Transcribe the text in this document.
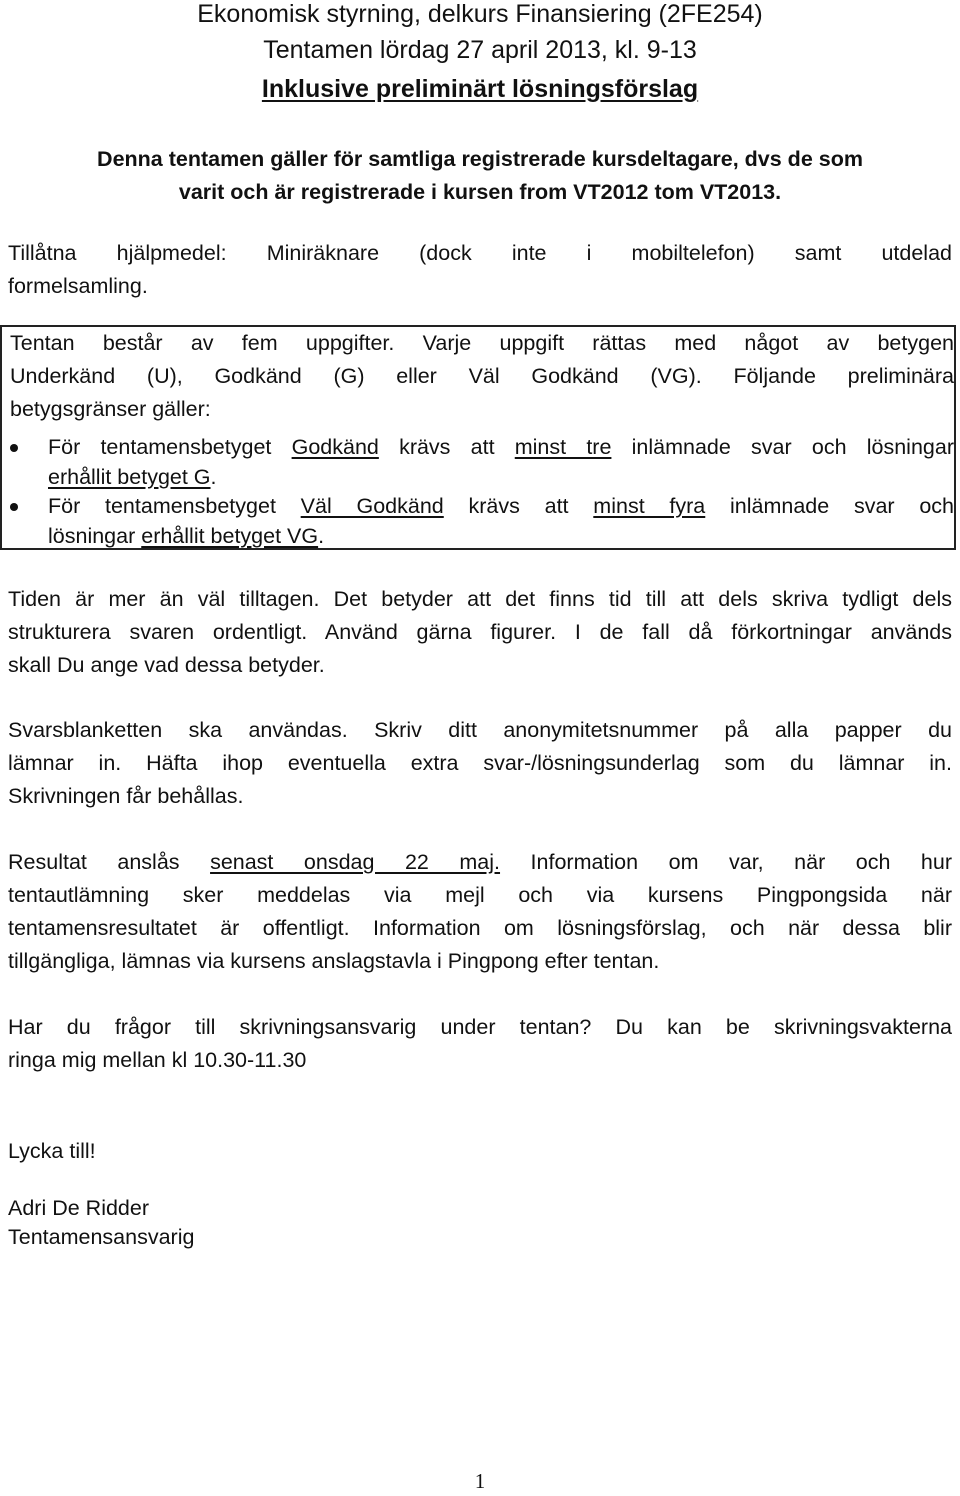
Ekonomisk styrning, delkurs Finansiering (2FE254)
Tentamen lördag 27 april 2013, kl. 9-13
Inklusive preliminärt lösningsförslag
Denna tentamen gäller för samtliga registrerade kursdeltagare, dvs de som
varit och är registrerade i kursen from VT2012 tom VT2013.
Tillåtna hjälpmedel: Miniräknare (dock inte i mobiltelefon) samt utdelad
formelsamling.
Tentan består av fem uppgifter. Varje uppgift rättas med något av betygen
Underkänd (U), Godkänd (G) eller Väl Godkänd (VG). Följande preliminära
betygsgränser gäller:
För tentamensbetyget Godkänd krävs att minst tre inlämnade svar och lösningar
erhållit betyget G.
För tentamensbetyget Väl Godkänd krävs att minst fyra inlämnade svar och
lösningar erhållit betyget VG.
Tiden är mer än väl tilltagen. Det betyder att det finns tid till att dels skriva tydligt dels
strukturera svaren ordentligt. Använd gärna figurer. I de fall då förkortningar används
skall Du ange vad dessa betyder.
Svarsblanketten ska användas. Skriv ditt anonymitetsnummer på alla papper du
lämnar in. Häfta ihop eventuella extra svar-/lösningsunderlag som du lämnar in.
Skrivningen får behållas.
Resultat anslås senast onsdag 22 maj. Information om var, när och hur
tentautlämning sker meddelas via mejl och via kursens Pingpongsida när
tentamensresultatet är offentligt. Information om lösningsförslag, och när dessa blir
tillgängliga, lämnas via kursens anslagstavla i Pingpong efter tentan.
Har du frågor till skrivningsansvarig under tentan? Du kan be skrivningsvakterna
ringa mig mellan kl 10.30-11.30
Lycka till!
Adri De Ridder
Tentamensansvarig
1
